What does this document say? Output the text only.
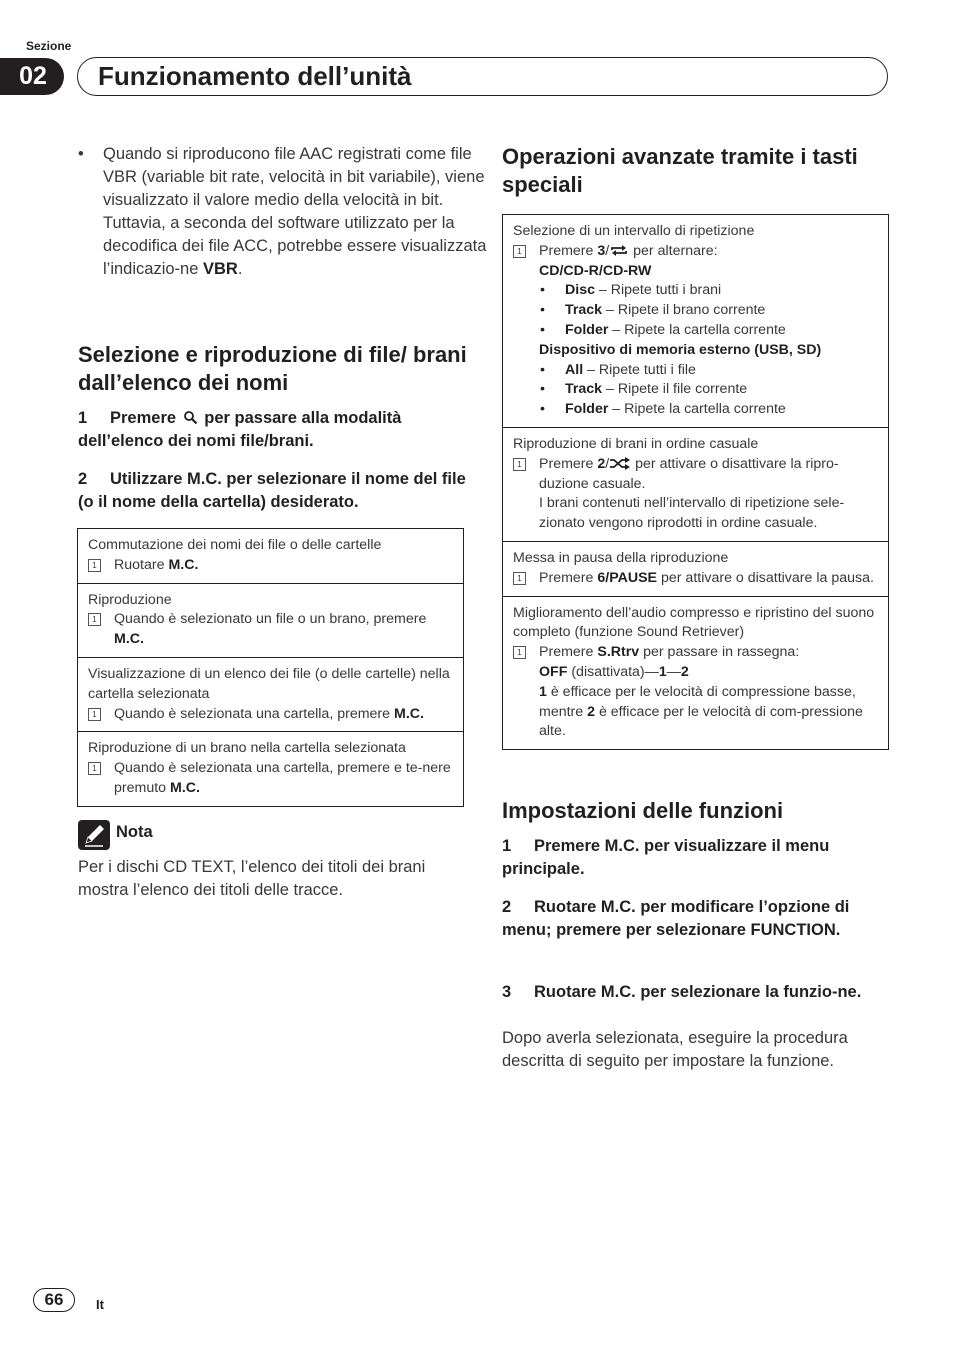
Sezione
02	Funzionamento dell’unità
• Quando si riproducono file AAC registrati come file VBR (variable bit rate, velocità in bit variabile), viene visualizzato il valore medio della velocità in bit. Tuttavia, a seconda del software utilizzato per la decodifica dei file ACC, potrebbe essere visualizzata l’indicazio-ne VBR.
Selezione e riproduzione di file/ brani dall’elenco dei nomi
1 Premere per passare alla modalità dell’elenco dei nomi file/brani.
2 Utilizzare M.C. per selezionare il nome del file (o il nome della cartella) desiderato.
Commutazione dei nomi dei file o delle cartelle
1	Ruotare M.C.
Riproduzione
1	Quando è selezionato un file o un brano, premere M.C.
Visualizzazione di un elenco dei file (o delle cartelle) nella cartella selezionata
1	Quando è selezionata una cartella, premere M.C.
Riproduzione di un brano nella cartella selezionata
1	Quando è selezionata una cartella, premere e te-nere premuto M.C.
Nota
Per i dischi CD TEXT, l’elenco dei titoli dei brani mostra l’elenco dei titoli delle tracce.
Operazioni avanzate tramite i tasti speciali
Selezione di un intervallo di ripetizione
1	Premere 3/ per alternare:
CD/CD-R/CD-RW
• Disc – Ripete tutti i brani
• Track – Ripete il brano corrente
• Folder – Ripete la cartella corrente
Dispositivo di memoria esterno (USB, SD)
• All – Ripete tutti i file
• Track – Ripete il file corrente
• Folder – Ripete la cartella corrente
Riproduzione di brani in ordine casuale
1	Premere 2/ per attivare o disattivare la ripro-duzione casuale.
I brani contenuti nell’intervallo di ripetizione sele-zionato vengono riprodotti in ordine casuale.
Messa in pausa della riproduzione
1	Premere 6/PAUSE per attivare o disattivare la pausa.
Miglioramento dell’audio compresso e ripristino del suono completo (funzione Sound Retriever)
1	Premere S.Rtrv per passare in rassegna:
OFF (disattivata)—1—2
1 è efficace per le velocità di compressione basse, mentre 2 è efficace per le velocità di com-pressione alte.
Impostazioni delle funzioni
1 Premere M.C. per visualizzare il menu principale.
2 Ruotare M.C. per modificare l’opzione di menu; premere per selezionare FUNCTION.
3 Ruotare M.C. per selezionare la funzio-ne.
Dopo averla selezionata, eseguire la procedura descritta di seguito per impostare la funzione.
66	It
